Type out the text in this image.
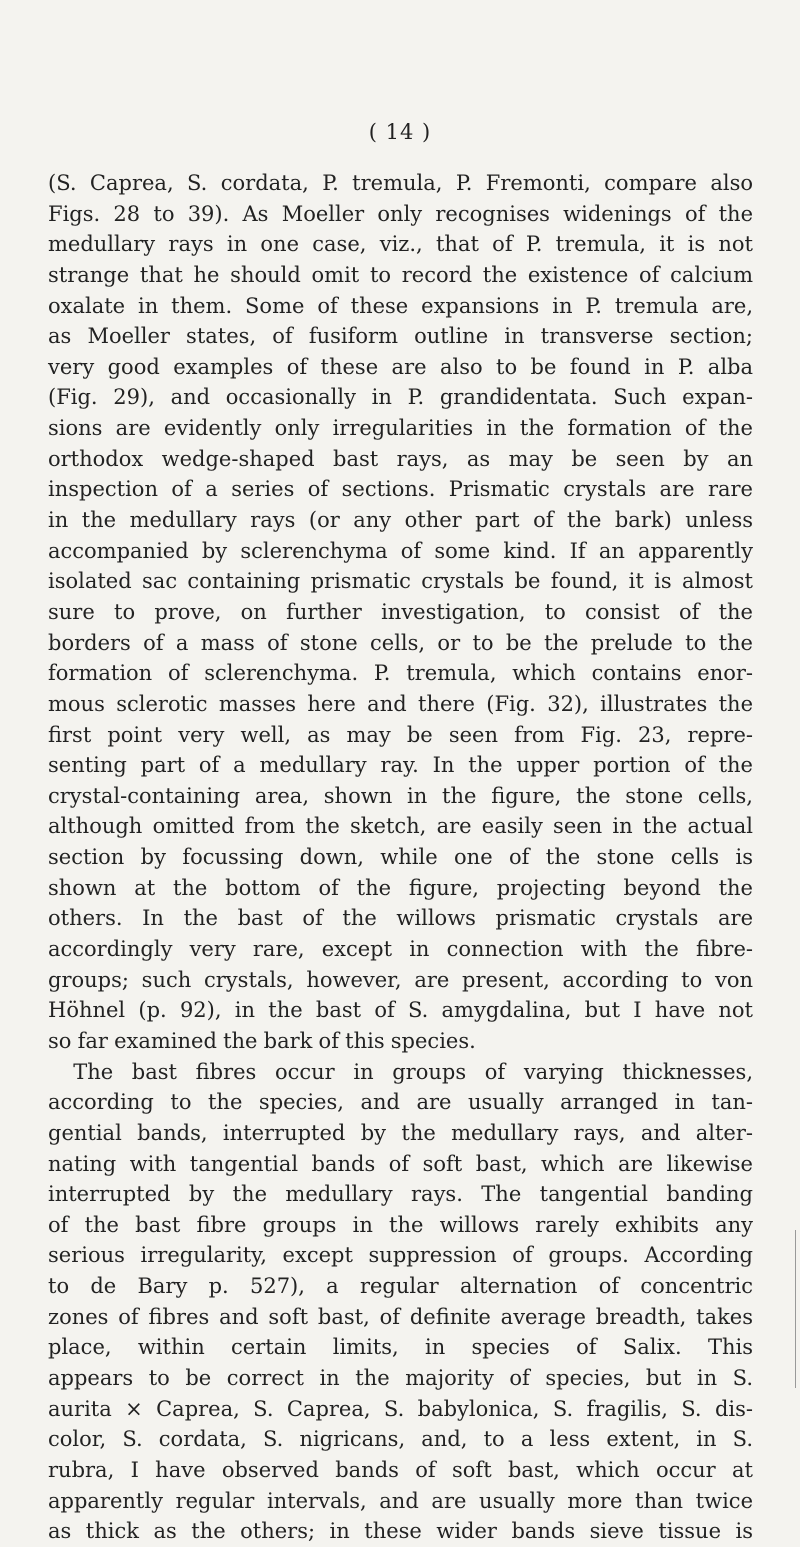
( 14 )
(S. Caprea, S. cordata, P. tremula, P. Fremonti, compare also
Figs. 28 to 39). As Moeller only recognises widenings of the
medullary rays in one case, viz., that of P. tremula, it is not
strange that he should omit to record the existence of calcium
oxalate in them. Some of these expansions in P. tremula are,
as Moeller states, of fusiform outline in transverse section;
very good examples of these are also to be found in P. alba
(Fig. 29), and occasionally in P. grandidentata. Such expan-
sions are evidently only irregularities in the formation of the
orthodox wedge-shaped bast rays, as may be seen by an
inspection of a series of sections. Prismatic crystals are rare
in the medullary rays (or any other part of the bark) unless
accompanied by sclerenchyma of some kind. If an apparently
isolated sac containing prismatic crystals be found, it is almost
sure to prove, on further investigation, to consist of the
borders of a mass of stone cells, or to be the prelude to the
formation of sclerenchyma. P. tremula, which contains enor-
mous sclerotic masses here and there (Fig. 32), illustrates the
first point very well, as may be seen from Fig. 23, repre-
senting part of a medullary ray. In the upper portion of the
crystal-containing area, shown in the figure, the stone cells,
although omitted from the sketch, are easily seen in the actual
section by focussing down, while one of the stone cells is
shown at the bottom of the figure, projecting beyond the
others. In the bast of the willows prismatic crystals are
accordingly very rare, except in connection with the fibre-
groups; such crystals, however, are present, according to von
Höhnel (p. 92), in the bast of S. amygdalina, but I have not
so far examined the bark of this species.
The bast fibres occur in groups of varying thicknesses,
according to the species, and are usually arranged in tan-
gential bands, interrupted by the medullary rays, and alter-
nating with tangential bands of soft bast, which are likewise
interrupted by the medullary rays. The tangential banding
of the bast fibre groups in the willows rarely exhibits any
serious irregularity, except suppression of groups. According
to de Bary p. 527), a regular alternation of concentric
zones of fibres and soft bast, of definite average breadth, takes
place, within certain limits, in species of Salix. This
appears to be correct in the majority of species, but in S.
aurita × Caprea, S. Caprea, S. babylonica, S. fragilis, S. dis-
color, S. cordata, S. nigricans, and, to a less extent, in S.
rubra, I have observed bands of soft bast, which occur at
apparently regular intervals, and are usually more than twice
as thick as the others; in these wider bands sieve tissue is
